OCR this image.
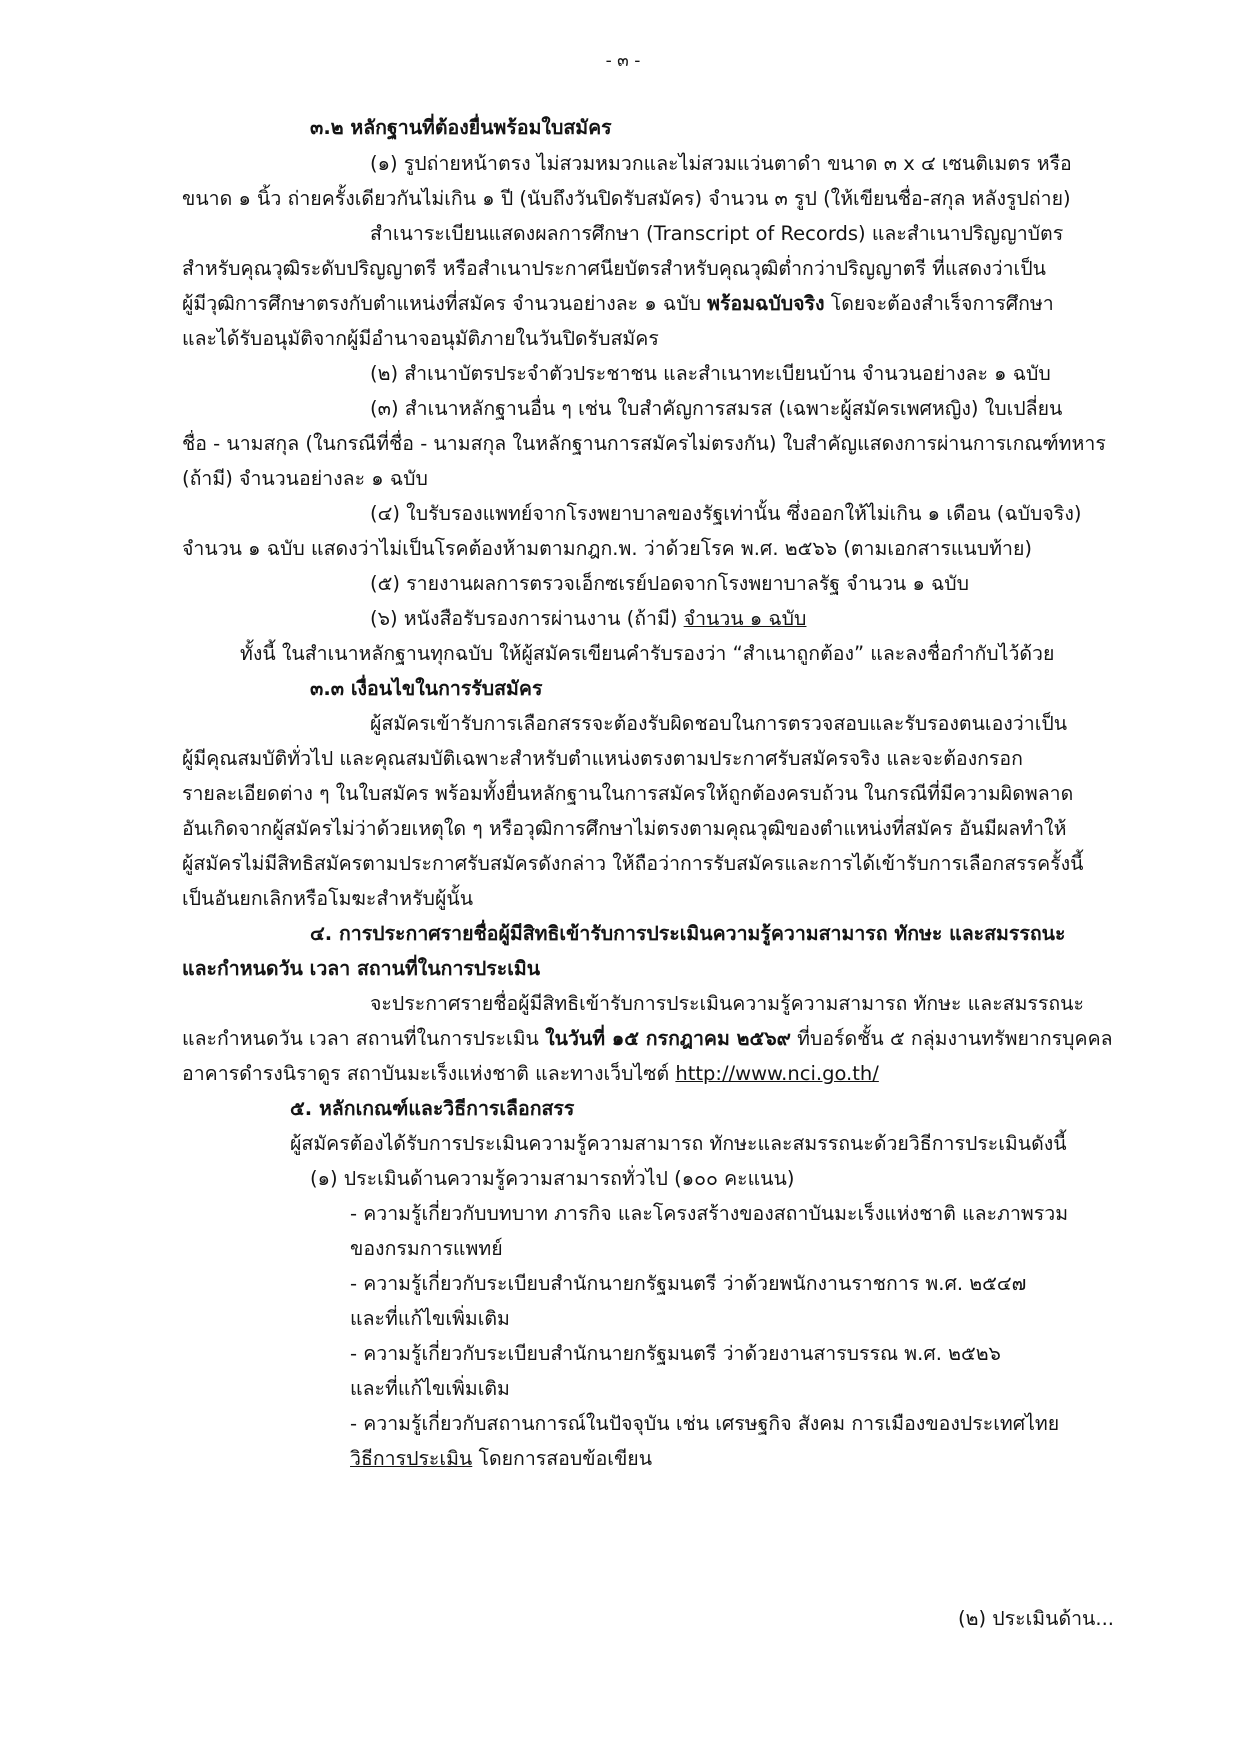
- ๓ -
๓.๒ หลักฐานที่ต้องยื่นพร้อมใบสมัคร
(๑) รูปถ่ายหน้าตรง ไม่สวมหมวกและไม่สวมแว่นตาดำ ขนาด ๓ x ๔ เซนติเมตร หรือ
ขนาด ๑ นิ้ว ถ่ายครั้งเดียวกันไม่เกิน ๑ ปี (นับถึงวันปิดรับสมัคร) จำนวน ๓ รูป (ให้เขียนชื่อ-สกุล หลังรูปถ่าย)
สำเนาระเบียนแสดงผลการศึกษา (Transcript of Records) และสำเนาปริญญาบัตร
สำหรับคุณวุฒิระดับปริญญาตรี หรือสำเนาประกาศนียบัตรสำหรับคุณวุฒิต่ำกว่าปริญญาตรี ที่แสดงว่าเป็น
ผู้มีวุฒิการศึกษาตรงกับตำแหน่งที่สมัคร จำนวนอย่างละ ๑ ฉบับ พร้อมฉบับจริง โดยจะต้องสำเร็จการศึกษา
และได้รับอนุมัติจากผู้มีอำนาจอนุมัติภายในวันปิดรับสมัคร
(๒) สำเนาบัตรประจำตัวประชาชน และสำเนาทะเบียนบ้าน จำนวนอย่างละ ๑ ฉบับ
(๓) สำเนาหลักฐานอื่น ๆ เช่น ใบสำคัญการสมรส (เฉพาะผู้สมัครเพศหญิง) ใบเปลี่ยน
ชื่อ - นามสกุล (ในกรณีที่ชื่อ - นามสกุล ในหลักฐานการสมัครไม่ตรงกัน) ใบสำคัญแสดงการผ่านการเกณฑ์ทหาร
(ถ้ามี) จำนวนอย่างละ ๑ ฉบับ
(๔) ใบรับรองแพทย์จากโรงพยาบาลของรัฐเท่านั้น ซึ่งออกให้ไม่เกิน ๑ เดือน (ฉบับจริง)
จำนวน ๑ ฉบับ แสดงว่าไม่เป็นโรคต้องห้ามตามกฎก.พ. ว่าด้วยโรค พ.ศ. ๒๕๖๖ (ตามเอกสารแนบท้าย)
(๕) รายงานผลการตรวจเอ็กซเรย์ปอดจากโรงพยาบาลรัฐ จำนวน ๑ ฉบับ
(๖) หนังสือรับรองการผ่านงาน (ถ้ามี) จำนวน ๑ ฉบับ
ทั้งนี้ ในสำเนาหลักฐานทุกฉบับ ให้ผู้สมัครเขียนคำรับรองว่า “สำเนาถูกต้อง” และลงชื่อกำกับไว้ด้วย
๓.๓ เงื่อนไขในการรับสมัคร
ผู้สมัครเข้ารับการเลือกสรรจะต้องรับผิดชอบในการตรวจสอบและรับรองตนเองว่าเป็น
ผู้มีคุณสมบัติทั่วไป และคุณสมบัติเฉพาะสำหรับตำแหน่งตรงตามประกาศรับสมัครจริง และจะต้องกรอก
รายละเอียดต่าง ๆ ในใบสมัคร พร้อมทั้งยื่นหลักฐานในการสมัครให้ถูกต้องครบถ้วน ในกรณีที่มีความผิดพลาด
อันเกิดจากผู้สมัครไม่ว่าด้วยเหตุใด ๆ หรือวุฒิการศึกษาไม่ตรงตามคุณวุฒิของตำแหน่งที่สมัคร อันมีผลทำให้
ผู้สมัครไม่มีสิทธิสมัครตามประกาศรับสมัครดังกล่าว ให้ถือว่าการรับสมัครและการได้เข้ารับการเลือกสรรครั้งนี้
เป็นอันยกเลิกหรือโมฆะสำหรับผู้นั้น
๔. การประกาศรายชื่อผู้มีสิทธิเข้ารับการประเมินความรู้ความสามารถ ทักษะ และสมรรถนะ
และกำหนดวัน เวลา สถานที่ในการประเมิน
จะประกาศรายชื่อผู้มีสิทธิเข้ารับการประเมินความรู้ความสามารถ ทักษะ และสมรรถนะ
และกำหนดวัน เวลา สถานที่ในการประเมิน ในวันที่ ๑๕ กรกฎาคม ๒๕๖๙ ที่บอร์ดชั้น ๕ กลุ่มงานทรัพยากรบุคคล
อาคารดำรงนิราดูร สถาบันมะเร็งแห่งชาติ และทางเว็บไซต์ http://www.nci.go.th/
๕. หลักเกณฑ์และวิธีการเลือกสรร
ผู้สมัครต้องได้รับการประเมินความรู้ความสามารถ ทักษะและสมรรถนะด้วยวิธีการประเมินดังนี้
(๑) ประเมินด้านความรู้ความสามารถทั่วไป (๑๐๐ คะแนน)
- ความรู้เกี่ยวกับบทบาท ภารกิจ และโครงสร้างของสถาบันมะเร็งแห่งชาติ และภาพรวม
ของกรมการแพทย์
- ความรู้เกี่ยวกับระเบียบสำนักนายกรัฐมนตรี ว่าด้วยพนักงานราชการ พ.ศ. ๒๕๔๗
และที่แก้ไขเพิ่มเติม
- ความรู้เกี่ยวกับระเบียบสำนักนายกรัฐมนตรี ว่าด้วยงานสารบรรณ พ.ศ. ๒๕๒๖
และที่แก้ไขเพิ่มเติม
- ความรู้เกี่ยวกับสถานการณ์ในปัจจุบัน เช่น เศรษฐกิจ สังคม การเมืองของประเทศไทย
วิธีการประเมิน โดยการสอบข้อเขียน
(๒) ประเมินด้าน...
